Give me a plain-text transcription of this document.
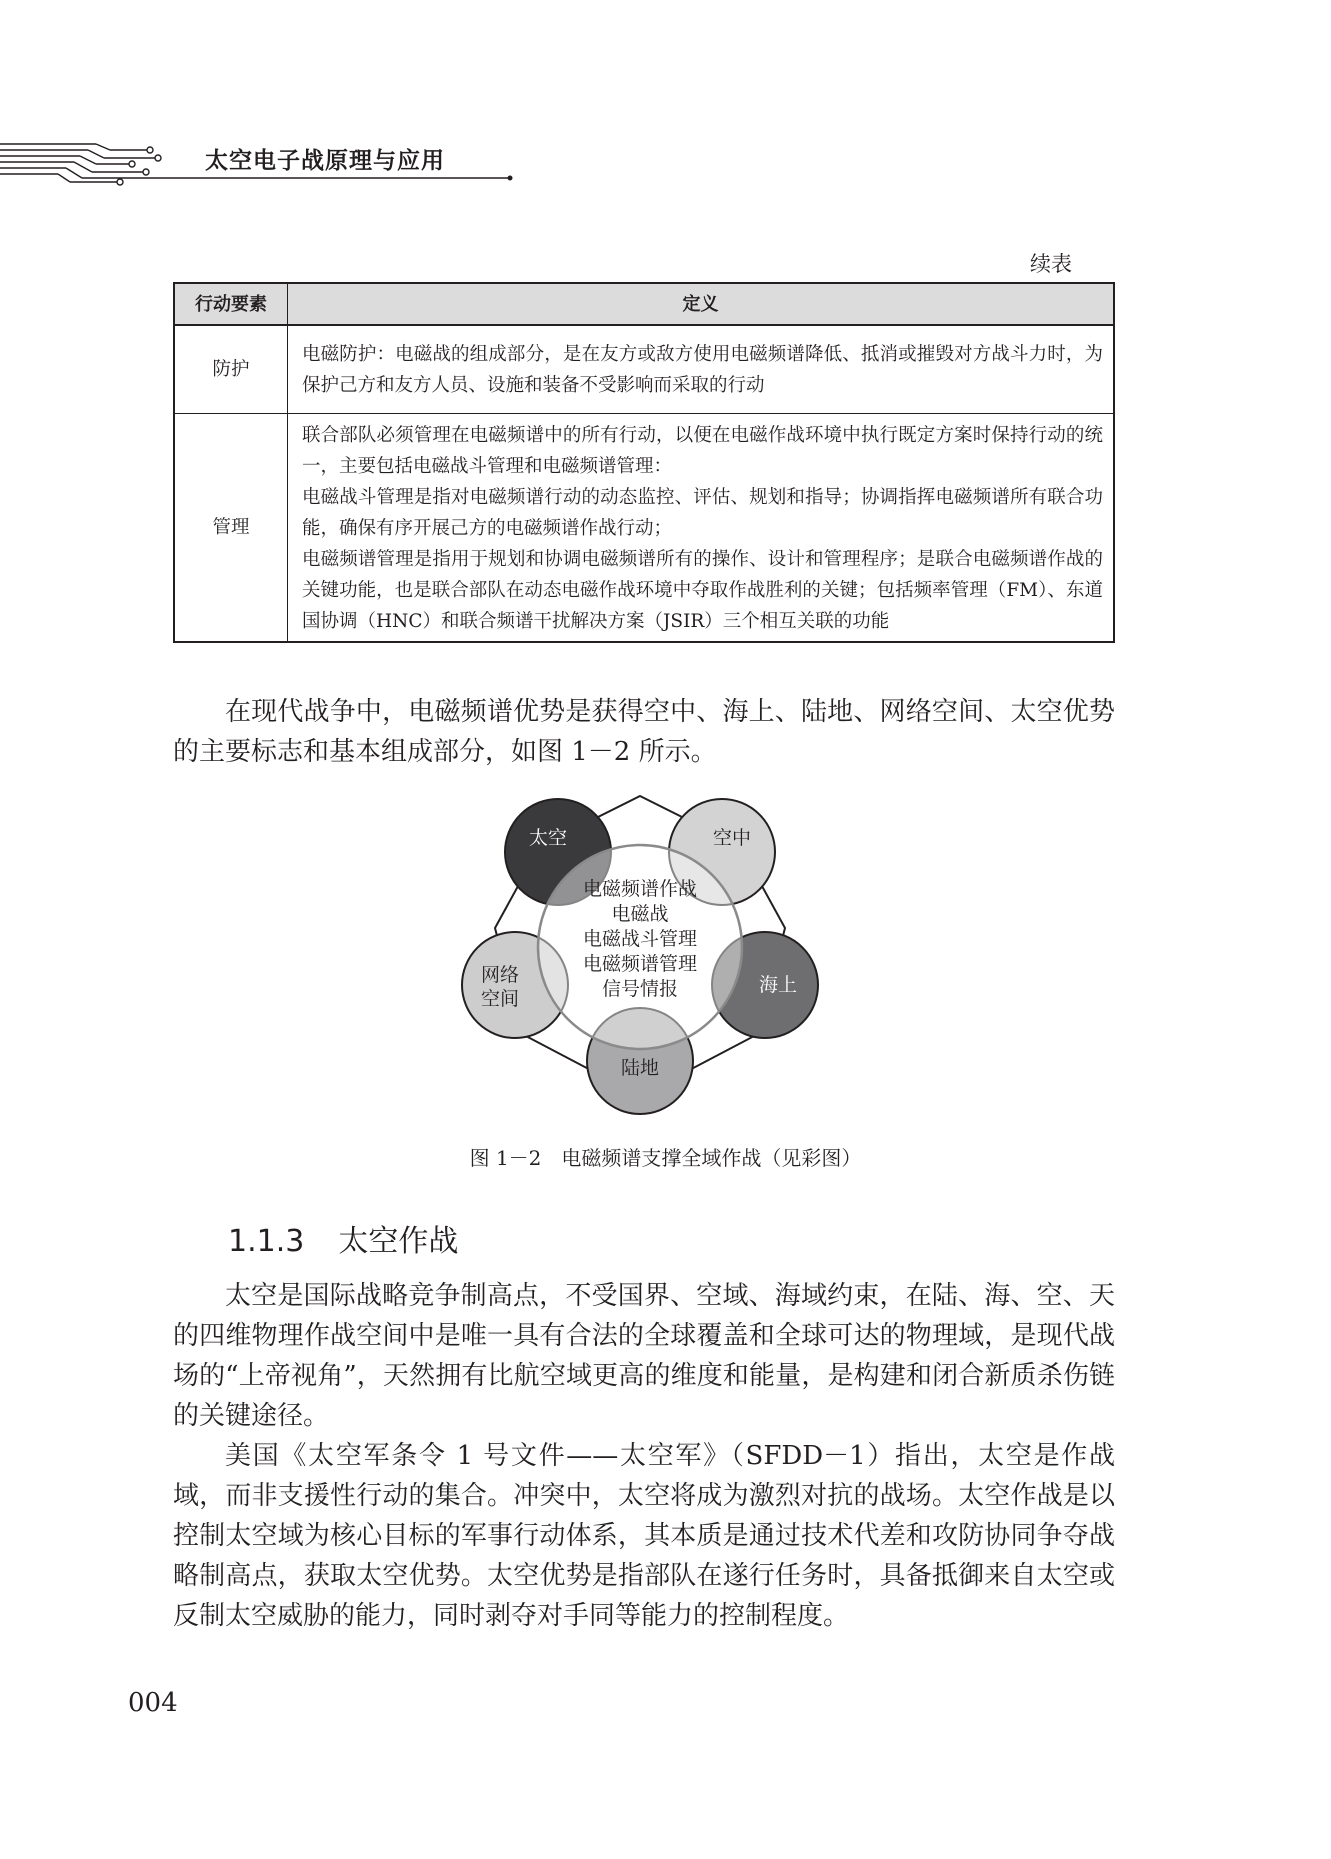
太空电子战原理与应用
续表
行动要素	定义
防护	电磁防护：电磁战的组成部分，是在友方或敌方使用电磁频谱降低、抵消或摧毁对方战斗力时，为保护己方和友方人员、设施和装备不受影响而采取的行动

管理	联合部队必须管理在电磁频谱中的所有行动，以便在电磁作战环境中执行既定方案时保持行动的统一，主要包括电磁战斗管理和电磁频谱管理：
电磁战斗管理是指对电磁频谱行动的动态监控、评估、规划和指导；协调指挥电磁频谱所有联合功能，确保有序开展己方的电磁频谱作战行动；
电磁频谱管理是指用于规划和协调电磁频谱所有的操作、设计和管理程序；是联合电磁频谱作战的关键功能，也是联合部队在动态电磁作战环境中夺取作战胜利的关键；包括频率管理（FM）、东道国协调（HNC）和联合频谱干扰解决方案（JSIR）三个相互关联的功能

在现代战争中，电磁频谱优势是获得空中、海上、陆地、网络空间、太空优势的主要标志和基本组成部分，如图 1－2 所示。

太空	空中
海上
网络
空间
陆地
电磁频谱作战
电磁战
电磁战斗管理
电磁频谱管理
信号情报
图 1－2　电磁频谱支撑全域作战（见彩图）
1.1.3 太空作战

太空是国际战略竞争制高点，不受国界、空域、海域约束，在陆、海、空、天的四维物理作战空间中是唯一具有合法的全球覆盖和全球可达的物理域，是现代战场的“上帝视角”，天然拥有比航空域更高的维度和能量，是构建和闭合新质杀伤链的关键途径。

美国《太空军条令 1 号文件——太空军》（SFDD－1）指出，太空是作战域，而非支援性行动的集合。冲突中，太空将成为激烈对抗的战场。太空作战是以控制太空域为核心目标的军事行动体系，其本质是通过技术代差和攻防协同争夺战略制高点，获取太空优势。太空优势是指部队在遂行任务时，具备抵御来自太空或反制太空威胁的能力，同时剥夺对手同等能力的控制程度。

004
